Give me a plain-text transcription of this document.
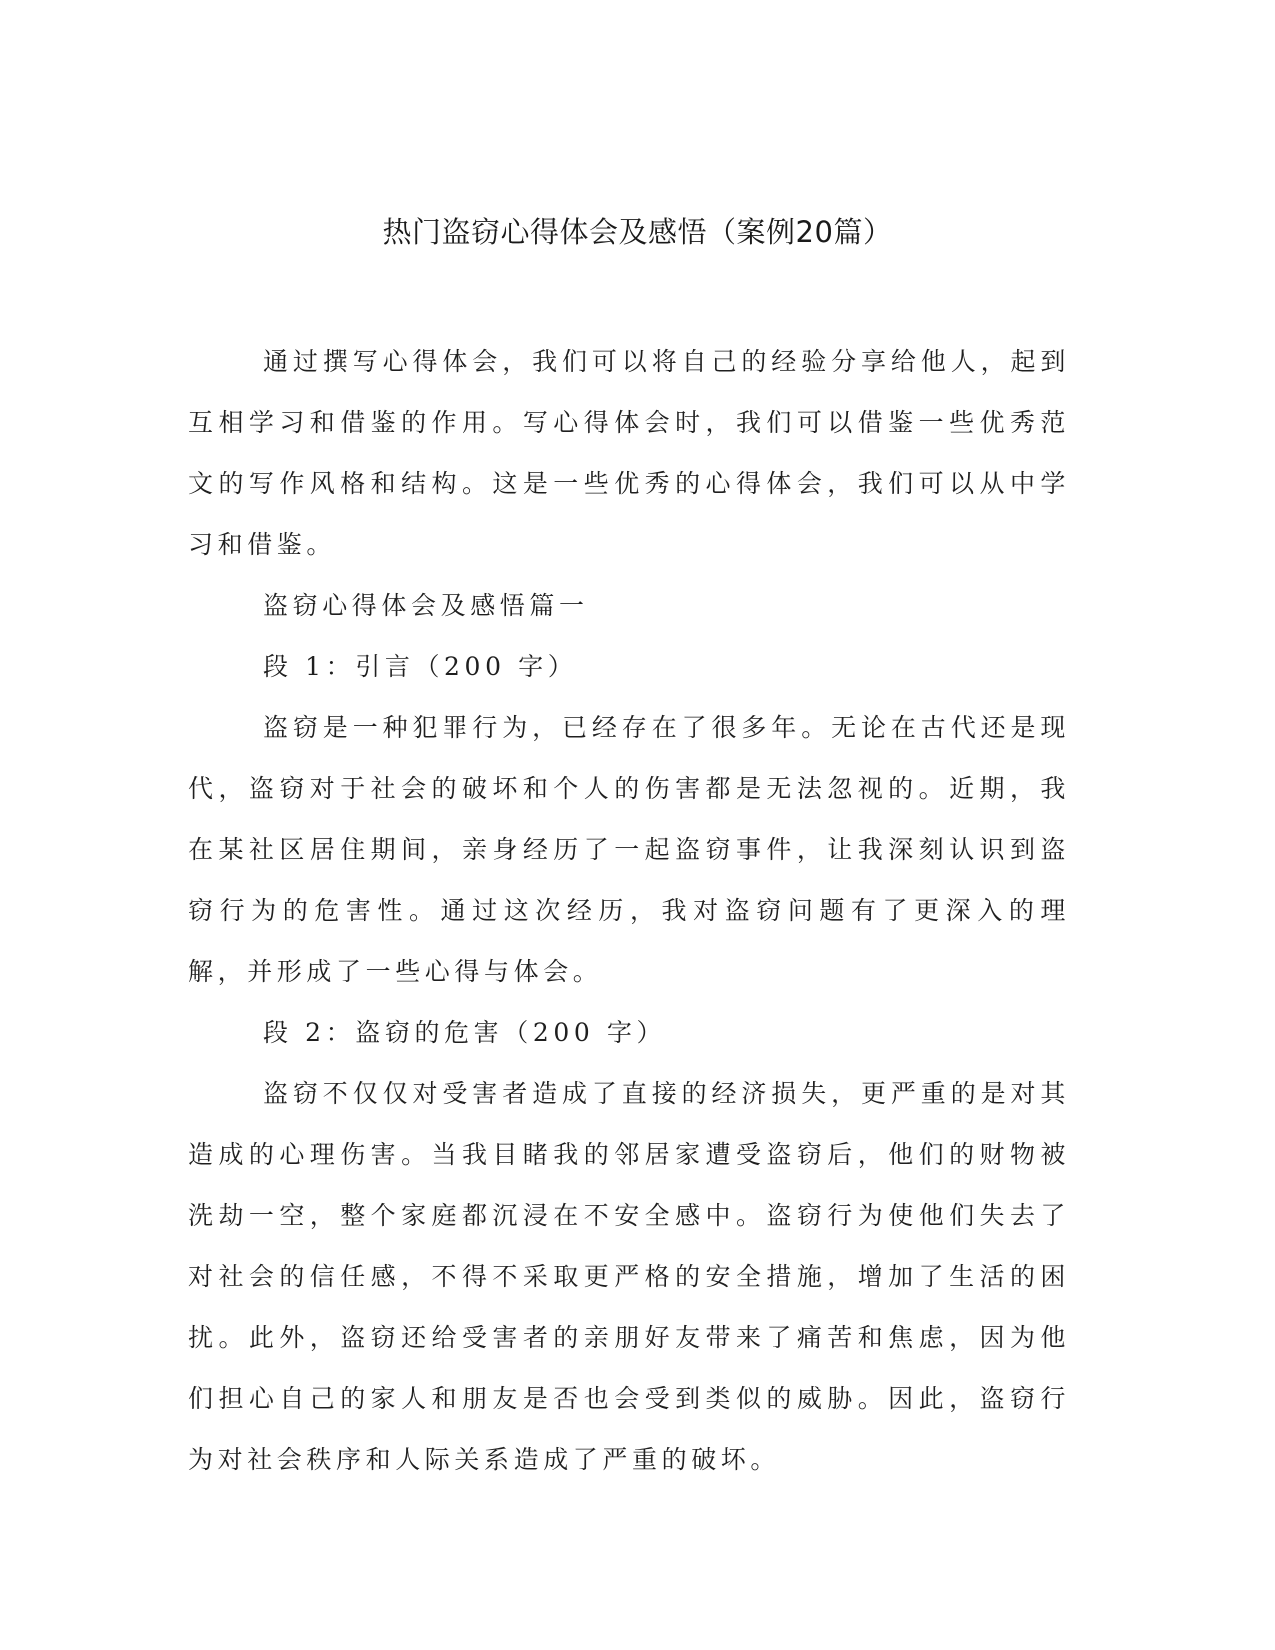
热门盗窃心得体会及感悟（案例20篇）

通过撰写心得体会，我们可以将自己的经验分享给他人，起到互相学习和借鉴的作用。写心得体会时，我们可以借鉴一些优秀范文的写作风格和结构。这是一些优秀的心得体会，我们可以从中学习和借鉴。

盗窃心得体会及感悟篇一

段 1：引言（200 字）

盗窃是一种犯罪行为，已经存在了很多年。无论在古代还是现代，盗窃对于社会的破坏和个人的伤害都是无法忽视的。近期，我在某社区居住期间，亲身经历了一起盗窃事件，让我深刻认识到盗窃行为的危害性。通过这次经历，我对盗窃问题有了更深入的理解，并形成了一些心得与体会。

段 2：盗窃的危害（200 字）

盗窃不仅仅对受害者造成了直接的经济损失，更严重的是对其造成的心理伤害。当我目睹我的邻居家遭受盗窃后，他们的财物被洗劫一空，整个家庭都沉浸在不安全感中。盗窃行为使他们失去了对社会的信任感，不得不采取更严格的安全措施，增加了生活的困扰。此外，盗窃还给受害者的亲朋好友带来了痛苦和焦虑，因为他们担心自己的家人和朋友是否也会受到类似的威胁。因此，盗窃行为对社会秩序和人际关系造成了严重的破坏。
